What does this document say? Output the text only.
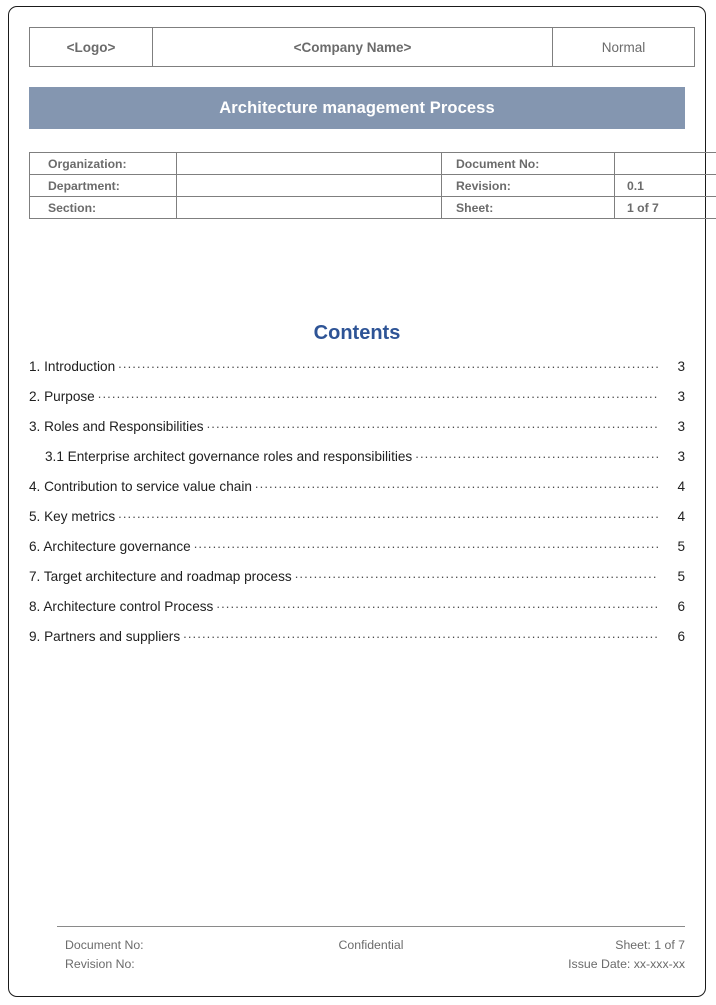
<Logo>	<Company Name>	Normal
Architecture management Process
Organization:		Document No:	
Department:		Revision:	0.1
Section:		Sheet:	1 of 7
Contents
1. Introduction .....	3
2. Purpose .....	3
3. Roles and Responsibilities .....	3
3.1 Enterprise architect governance roles and responsibilities .....	3
4. Contribution to service value chain .....	4
5. Key metrics .....	4
6. Architecture governance .....	5
7. Target architecture and roadmap process .....	5
8. Architecture control Process .....	6
9. Partners and suppliers .....	6
Document No:
Revision No:
Confidential	Sheet: 1 of 7
Issue Date: xx-xxx-xx
